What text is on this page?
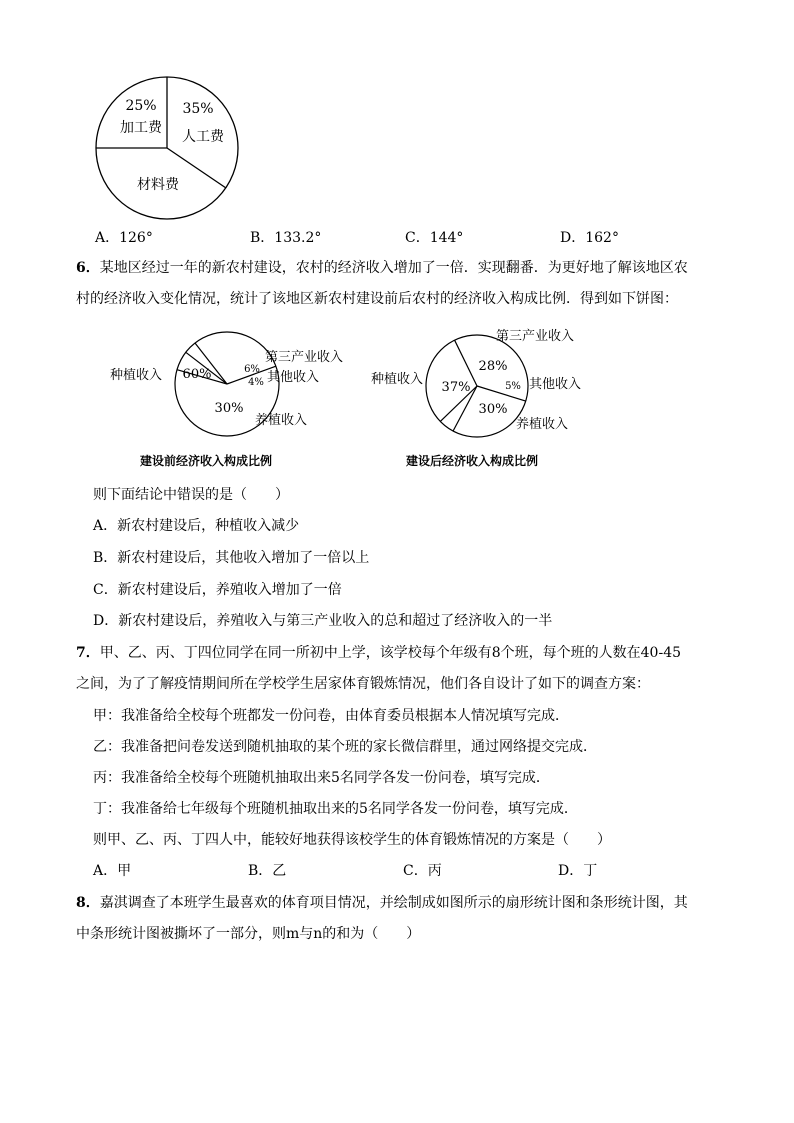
25%
加工费
35%
人工费
材料费
A．126°	B．133.2°	C．144°	D．162°
6．某地区经过一年的新农村建设，农村的经济收入增加了一倍．实现翻番．为更好地了解该地区农
村的经济收入变化情况，统计了该地区新农村建设前后农村的经济收入构成比例．得到如下饼图：
种植收入 60%
第三产业收入
6%
其他收入
4%
养植收入
30%
建设前经济收入构成比例
第三产业收入
28%
种植收入
37%	其他收入
5%
养植收入
30%
建设后经济收入构成比例
则下面结论中错误的是（　　）
A．新农村建设后，种植收入减少
B．新农村建设后，其他收入增加了一倍以上
C．新农村建设后，养殖收入增加了一倍
D．新农村建设后，养殖收入与第三产业收入的总和超过了经济收入的一半
7．甲、乙、丙、丁四位同学在同一所初中上学，该学校每个年级有8个班，每个班的人数在40-45
之间，为了了解疫情期间所在学校学生居家体育锻炼情况，他们各自设计了如下的调查方案：
甲：我准备给全校每个班都发一份问卷，由体育委员根据本人情况填写完成．
乙：我准备把问卷发送到随机抽取的某个班的家长微信群里，通过网络提交完成．
丙：我准备给全校每个班随机抽取出来5名同学各发一份问卷，填写完成．
丁：我准备给七年级每个班随机抽取出来的5名同学各发一份问卷，填写完成．
则甲、乙、丙、丁四人中，能较好地获得该校学生的体育锻炼情况的方案是（　　）
A．甲	B．乙	C．丙	D．丁
8．嘉淇调查了本班学生最喜欢的体育项目情况，并绘制成如图所示的扇形统计图和条形统计图，其
中条形统计图被撕坏了一部分，则m与n的和为（　　）
